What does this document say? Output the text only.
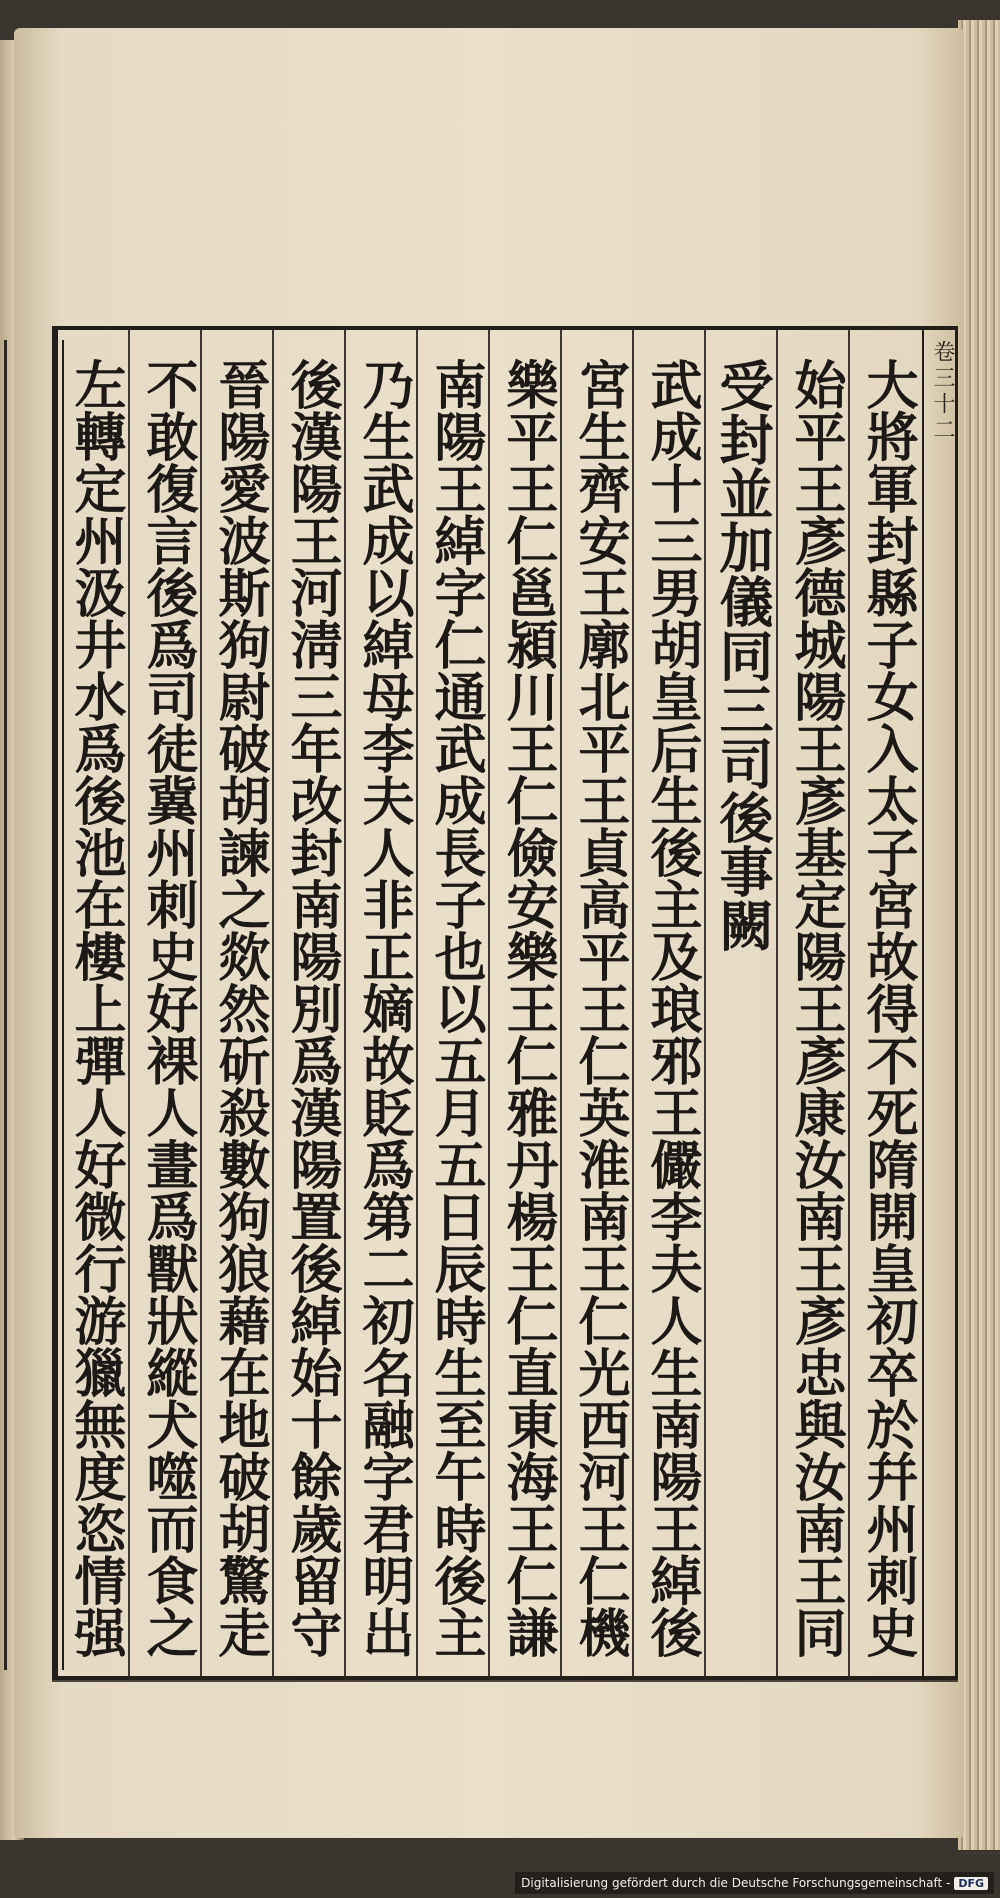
卷三十二
大將軍封縣子女入太子宮故得不死隋開皇初卒於幷州刺史
始平王彥德城陽王彥基定陽王彥康汝南王彥忠與汝南王同
受封並加儀同三司後事闕
武成十三男胡皇后生後主及琅邪王儼李夫人生南陽王綽後
宮生齊安王廓北平王貞高平王仁英淮南王仁光西河王仁機
樂平王仁邕潁川王仁儉安樂王仁雅丹楊王仁直東海王仁謙
南陽王綽字仁通武成長子也以五月五日辰時生至午時後主
乃生武成以綽母李夫人非正嫡故貶爲第二初名融字君明出
後漢陽王河淸三年改封南陽別爲漢陽置後綽始十餘歲留守
晉陽愛波斯狗尉破胡諫之欻然斫殺數狗狼藉在地破胡驚走
不敢復言後爲司徒冀州刺史好裸人畫爲獸狀縱犬噬而食之
左轉定州汲井水爲後池在樓上彈人好微行游獵無度恣情强
Digitalisierung gefördert durch die Deutsche Forschungsgemeinschaft - DFG
